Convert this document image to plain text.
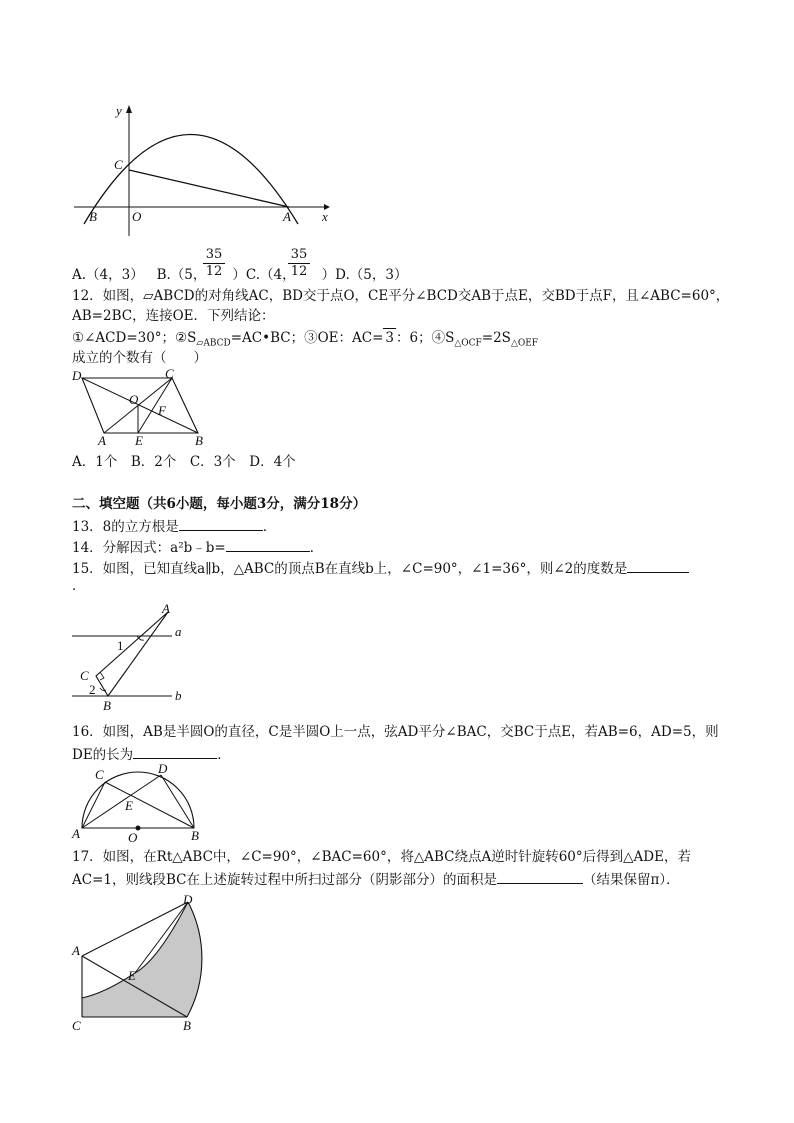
y
x
C
O
B	A
35
12
35
12
A.（4，3） B.（5， ）C.（4， ）D.（5，3）
12．如图，▱ABCD的对角线AC，BD交于点O，CE平分∠BCD交AB于点E，交BD于点F，且∠ABC=60°，
AB=2BC，连接OE．下列结论：
①∠ACD=30°；$②S_{▱ABCD}=AC•BC$；③OE：AC= 3 ：6；$④S_{\triangle OCF}=2S_{\triangle OEF}$
成立的个数有（　　）
D	C
O
F
A E	B
A．1个　B．2个　C．3个　D．4个
二、填空题（共6小题，每小题3分，满分18分）
13．8的立方根是	．
14．分解因式：a²b﹣b=	．
15．如图，已知直线a∥b，△ABC的顶点B在直线b上，∠C=90°，∠1=36°，则∠2的度数是
．
A
a
1
C
2
B
b
16．如图，AB是半圆O的直径，C是半圆O上一点，弦AD平分∠BAC，交BC于点E，若AB=6，AD=5，则
DE的长为	．
C	D
E
A	O	B
17．如图，在Rt△ABC中，∠C=90°，∠BAC=60°，将△ABC绕点A逆时针旋转60°后得到△ADE，若
AC=1，则线段BC在上述旋转过程中所扫过部分（阴影部分）的面积是	（结果保留π）．
D
A
E
C	B
